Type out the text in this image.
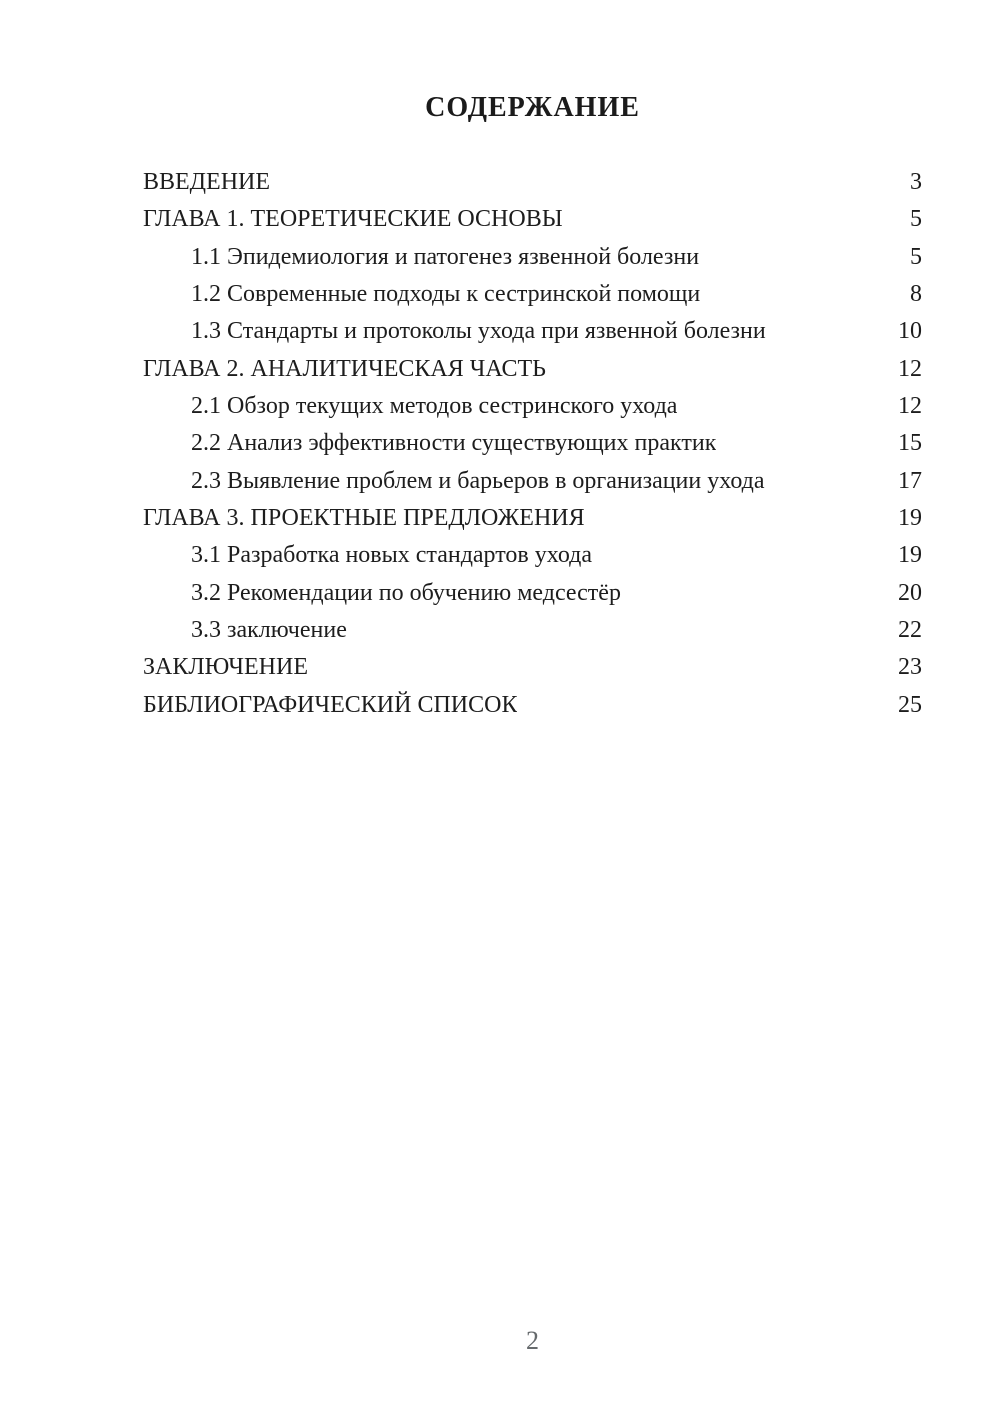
СОДЕРЖАНИЕ
ВВЕДЕНИЕ	3
ГЛАВА 1. ТЕОРЕТИЧЕСКИЕ ОСНОВЫ	5
1.1 Эпидемиология и патогенез язвенной болезни	5
1.2 Современные подходы к сестринской помощи	8
1.3 Стандарты и протоколы ухода при язвенной болезни	10
ГЛАВА 2. АНАЛИТИЧЕСКАЯ ЧАСТЬ	12
2.1 Обзор текущих методов сестринского ухода	12
2.2 Анализ эффективности существующих практик	15
2.3 Выявление проблем и барьеров в организации ухода	17
ГЛАВА 3. ПРОЕКТНЫЕ ПРЕДЛОЖЕНИЯ	19
3.1 Разработка новых стандартов ухода	19
3.2 Рекомендации по обучению медсестёр	20
3.3 заключение	22
ЗАКЛЮЧЕНИЕ	23
БИБЛИОГРАФИЧЕСКИЙ СПИСОК	25
2
